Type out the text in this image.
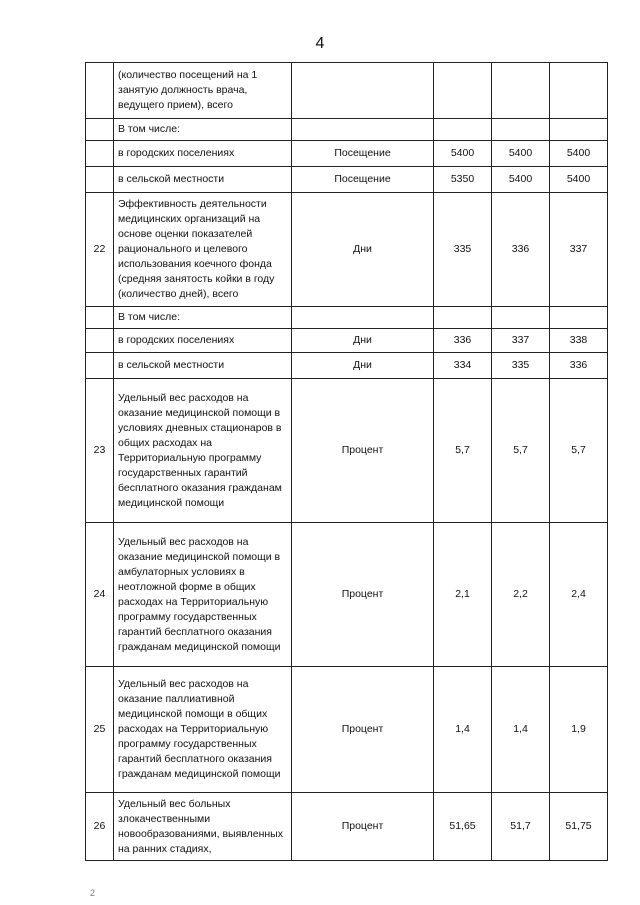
4
	(количество посещений на 1 занятую должность врача, ведущего прием), всего				
	В том числе:				
	в городских поселениях	Посещение	5400	5400	5400
	в сельской местности	Посещение	5350	5400	5400
22	Эффективность деятельности медицинских организаций на основе оценки показателей рационального и целевого использования коечного фонда (средняя занятость койки в году (количество дней), всего	Дни	335	336	337
	В том числе:				
	в городских поселениях	Дни	336	337	338
	в сельской местности	Дни	334	335	336
23	Удельный вес расходов на оказание медицинской помощи в условиях дневных стационаров в общих расходах на Территориальную программу государственных гарантий бесплатного оказания гражданам медицинской помощи	Процент	5,7	5,7	5,7
24	Удельный вес расходов на оказание медицинской помощи в амбулаторных условиях в неотложной форме в общих расходах на Территориальную программу государственных гарантий бесплатного оказания гражданам медицинской помощи	Процент	2,1	2,2	2,4
25	Удельный вес расходов на оказание паллиативной медицинской помощи в общих расходах на Территориальную программу государственных гарантий бесплатного оказания гражданам медицинской помощи	Процент	1,4	1,4	1,9
26	Удельный вес больных злокачественными новообразованиями, выявленных на ранних стадиях,	Процент	51,65	51,7	51,75
2
